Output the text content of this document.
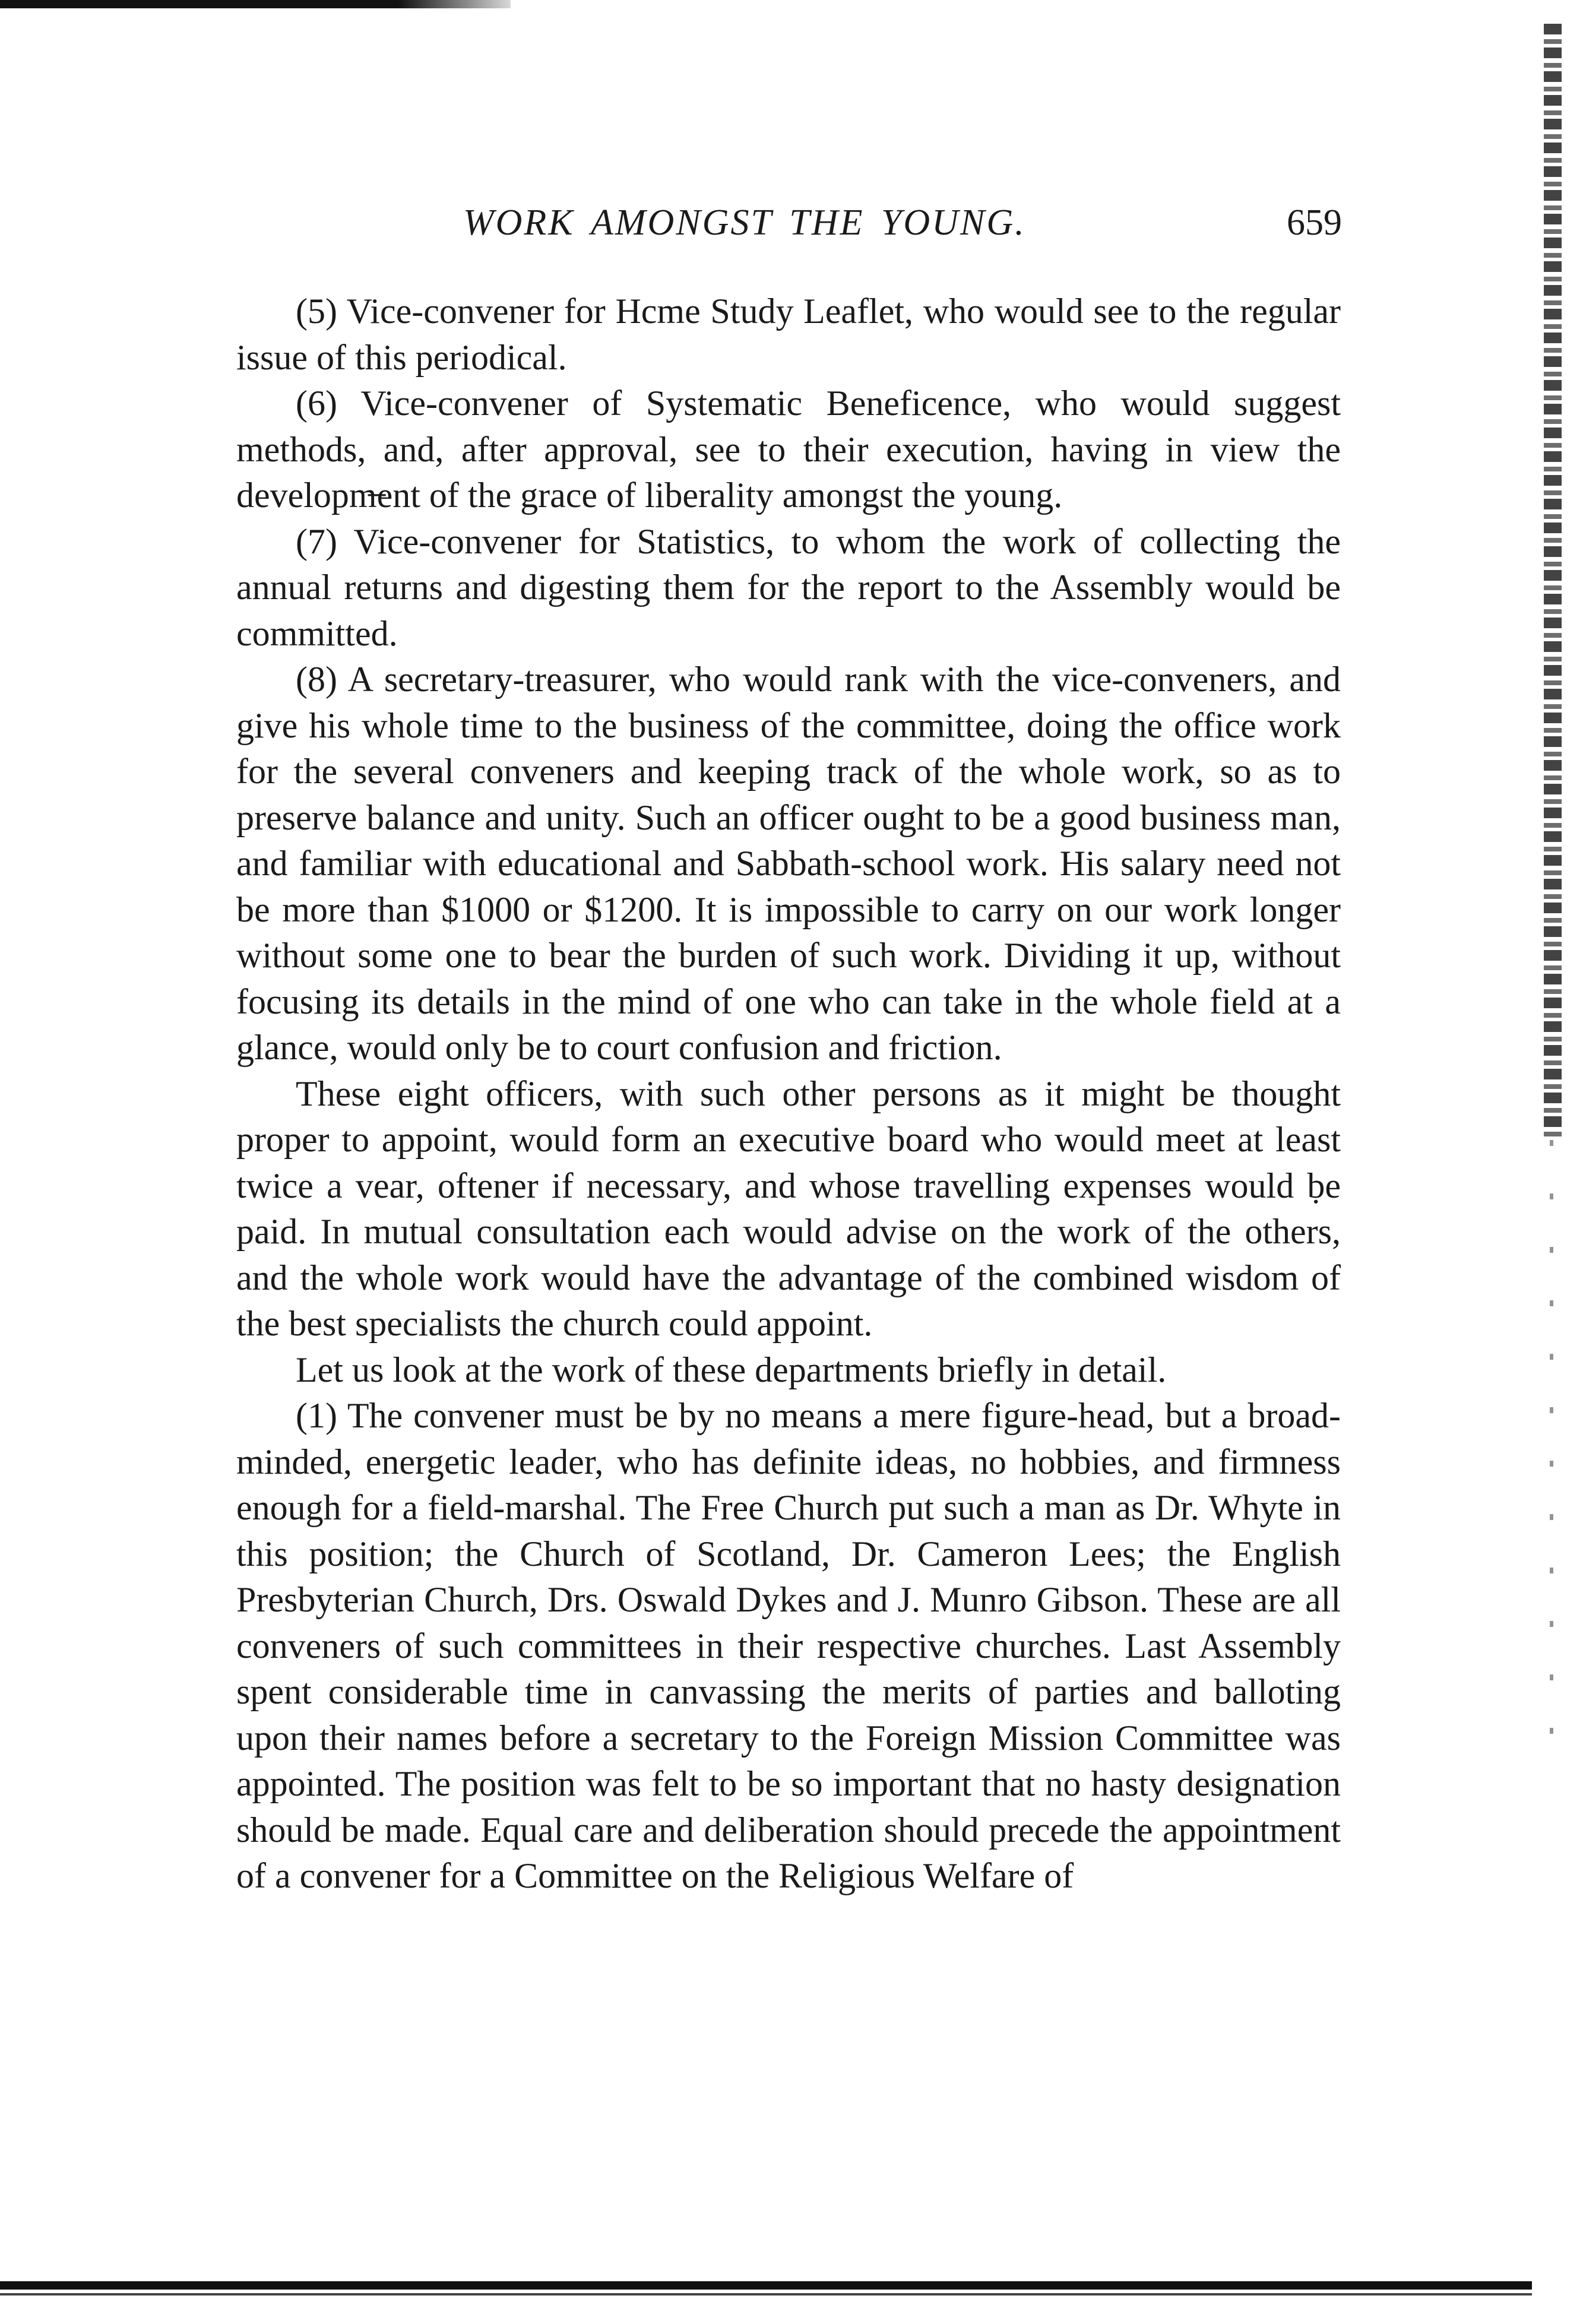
WORK AMONGST THE YOUNG.	659

(5) Vice-convener for Hcme Study Leaflet, who would see to the regular issue of this periodical.

(6) Vice-convener of Systematic Beneficence, who would suggest methods, and, after approval, see to their execution, having in view the developm̶ent of the grace of liberality amongst the young.

(7) Vice-convener for Statistics, to whom the work of collecting the annual returns and digesting them for the report to the Assembly would be committed.

(8) A secretary-treasurer, who would rank with the vice-conveners, and give his whole time to the business of the committee, doing the office work for the several conveners and keeping track of the whole work, so as to preserve balance and unity. Such an officer ought to be a good business man, and familiar with educational and Sabbath-school work. His salary need not be more than $1000 or $1200. It is impossible to carry on our work longer without some one to bear the burden of such work. Dividing it up, without focusing its details in the mind of one who can take in the whole field at a glance, would only be to court confusion and friction.

These eight officers, with such other persons as it might be thought proper to appoint, would form an executive board who would meet at least twice a vear, oftener if necessary, and whose travelling expenses would ḅe paid. In mutual consultation each would advise on the work of the others, and the whole work would have the advantage of the combined wisdom of the best specialists the church could appoint.

Let us look at the work of these departments briefly in detail.

(1) The convener must be by no means a mere figure-head, but a broad-minded, energetic leader, who has definite ideas, no hobbies, and firmness enough for a field-marshal. The Free Church put such a man as Dr. Whyte in this position; the Church of Scotland, Dr. Cameron Lees; the English Presbyterian Church, Drs. Oswald Dykes and J. Munro Gibson. These are all conveners of such committees in their respective churches. Last Assembly spent considerable time in canvassing the merits of parties and balloting upon their names before a secretary to the Foreign Mission Committee was appointed. The position was felt to be so important that no hasty designation should be made. Equal care and deliberation should precede the appointment of a convener for a Committee on the Religious Welfare of
